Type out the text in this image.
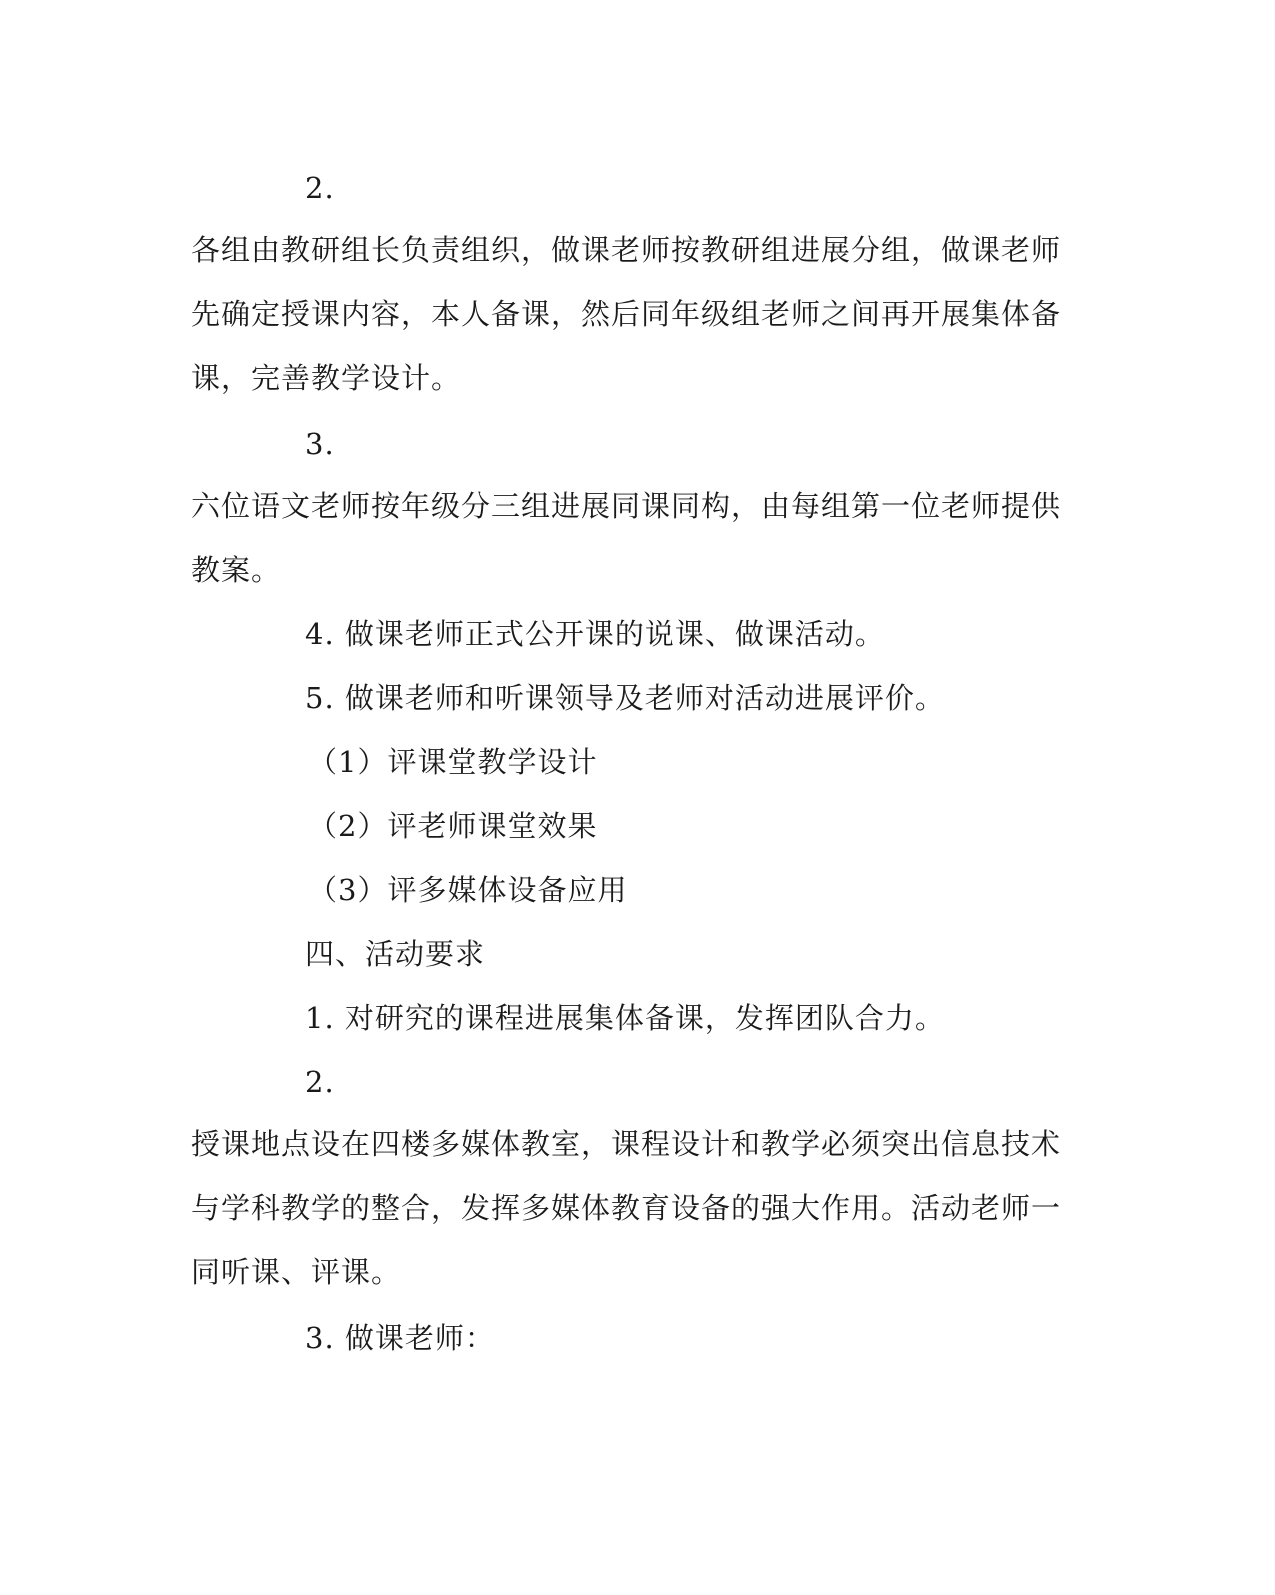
2.
各组由教研组长负责组织，做课老师按教研组进展分组，做课老师先确定授课内容，本人备课，然后同年级组老师之间再开展集体备课，完善教学设计。
3.
六位语文老师按年级分三组进展同课同构，由每组第一位老师提供教案。
4. 做课老师正式公开课的说课、做课活动。
5. 做课老师和听课领导及老师对活动进展评价。
（1）评课堂教学设计
（2）评老师课堂效果
（3）评多媒体设备应用
四、活动要求
1. 对研究的课程进展集体备课，发挥团队合力。
2.
授课地点设在四楼多媒体教室，课程设计和教学必须突出信息技术与学科教学的整合，发挥多媒体教育设备的强大作用。活动老师一同听课、评课。
3. 做课老师：
